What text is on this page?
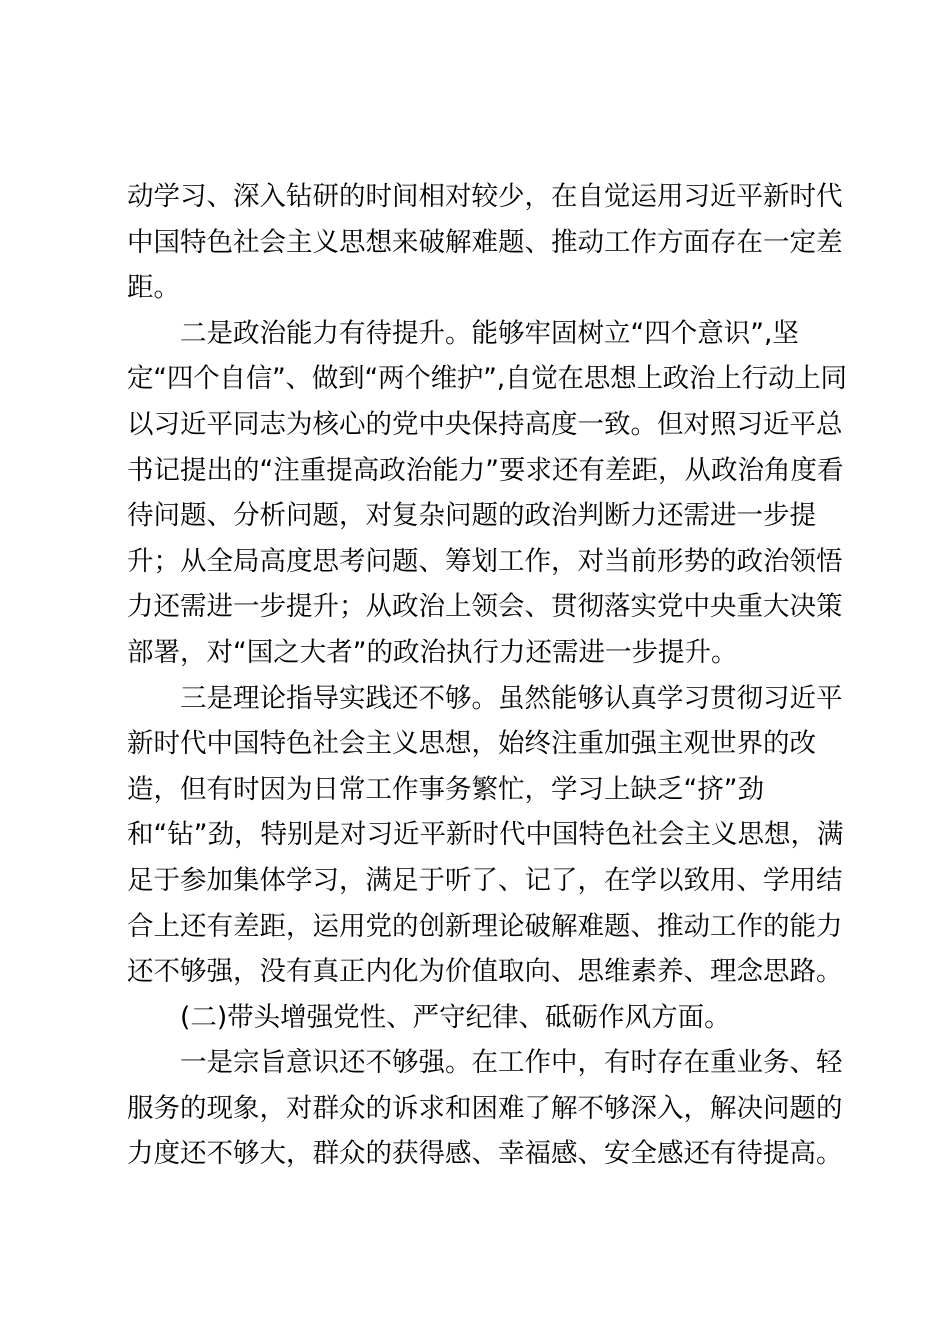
动学习、深入钻研的时间相对较少，在自觉运用习近平新时代
中国特色社会主义思想来破解难题、推动工作方面存在一定差
距。
　　二是政治能力有待提升。能够牢固树立“四个意识”,坚
定“四个自信”、做到“两个维护”,自觉在思想上政治上行动上同
以习近平同志为核心的党中央保持高度一致。但对照习近平总
书记提出的“注重提高政治能力”要求还有差距，从政治角度看
待问题、分析问题，对复杂问题的政治判断力还需进一步提
升；从全局高度思考问题、筹划工作，对当前形势的政治领悟
力还需进一步提升；从政治上领会、贯彻落实党中央重大决策
部署，对“国之大者”的政治执行力还需进一步提升。
　　三是理论指导实践还不够。虽然能够认真学习贯彻习近平
新时代中国特色社会主义思想，始终注重加强主观世界的改
造，但有时因为日常工作事务繁忙，学习上缺乏“挤”劲
和“钻”劲，特别是对习近平新时代中国特色社会主义思想，满
足于参加集体学习，满足于听了、记了，在学以致用、学用结
合上还有差距，运用党的创新理论破解难题、推动工作的能力
还不够强，没有真正内化为价值取向、思维素养、理念思路。
　　(二)带头增强党性、严守纪律、砥砺作风方面。
　　一是宗旨意识还不够强。在工作中，有时存在重业务、轻
服务的现象，对群众的诉求和困难了解不够深入，解决问题的
力度还不够大，群众的获得感、幸福感、安全感还有待提高。
